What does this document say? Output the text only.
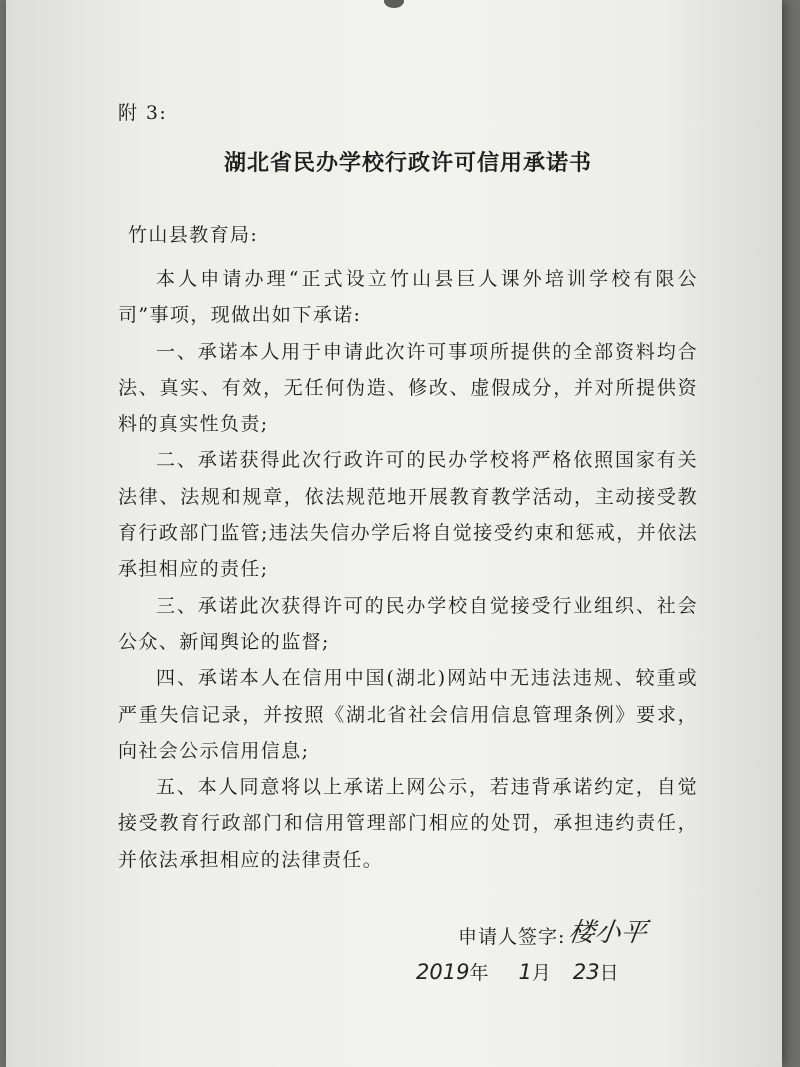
附 3:

湖北省民办学校行政许可信用承诺书

竹山县教育局:

本人申请办理“正式设立竹山县巨人课外培训学校有限公司”事项，现做出如下承诺:

一、承诺本人用于申请此次许可事项所提供的全部资料均合法、真实、有效，无任何伪造、修改、虚假成分，并对所提供资料的真实性负责;

二、承诺获得此次行政许可的民办学校将严格依照国家有关法律、法规和规章，依法规范地开展教育教学活动，主动接受教育行政部门监管;违法失信办学后将自觉接受约束和惩戒，并依法承担相应的责任;

三、承诺此次获得许可的民办学校自觉接受行业组织、社会公众、新闻舆论的监督;

四、承诺本人在信用中国(湖北)网站中无违法违规、较重或严重失信记录，并按照《湖北省社会信用信息管理条例》要求，向社会公示信用信息;

五、本人同意将以上承诺上网公示，若违背承诺约定，自觉接受教育行政部门和信用管理部门相应的处罚，承担违约责任，并依法承担相应的法律责任。

申请人签字: 楼小平
2019 年 1 月 23 日
